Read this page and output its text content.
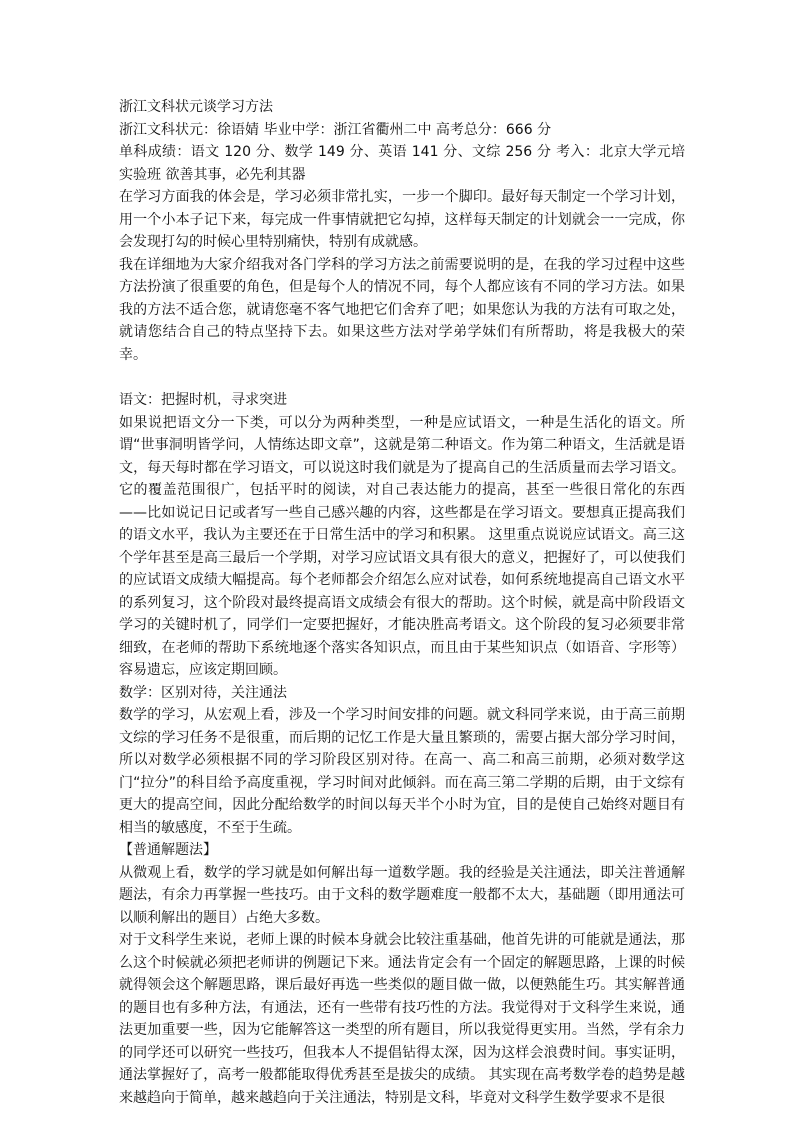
浙江文科状元谈学习方法

浙江文科状元：徐语婧 毕业中学：浙江省衢州二中 高考总分：666 分

单科成绩：语文 120 分、数学 149 分、英语 141 分、文综 256 分 考入：北京大学元培实验班 欲善其事，必先利其器

在学习方面我的体会是，学习必须非常扎实，一步一个脚印。最好每天制定一个学习计划，用一个小本子记下来，每完成一件事情就把它勾掉，这样每天制定的计划就会一一完成，你会发现打勾的时候心里特别痛快，特别有成就感。

我在详细地为大家介绍我对各门学科的学习方法之前需要说明的是，在我的学习过程中这些方法扮演了很重要的角色，但是每个人的情况不同，每个人都应该有不同的学习方法。如果我的方法不适合您，就请您毫不客气地把它们舍弃了吧；如果您认为我的方法有可取之处，就请您结合自己的特点坚持下去。如果这些方法对学弟学妹们有所帮助，将是我极大的荣幸。

语文：把握时机，寻求突进

如果说把语文分一下类，可以分为两种类型，一种是应试语文，一种是生活化的语文。所谓“世事洞明皆学问，人情练达即文章”，这就是第二种语文。作为第二种语文，生活就是语文，每天每时都在学习语文，可以说这时我们就是为了提高自己的生活质量而去学习语文。它的覆盖范围很广，包括平时的阅读，对自己表达能力的提高，甚至一些很日常化的东西——比如说记日记或者写一些自己感兴趣的内容，这些都是在学习语文。要想真正提高我们的语文水平，我认为主要还在于日常生活中的学习和积累。 这里重点说说应试语文。高三这个学年甚至是高三最后一个学期，对学习应试语文具有很大的意义，把握好了，可以使我们的应试语文成绩大幅提高。每个老师都会介绍怎么应对试卷，如何系统地提高自己语文水平的系列复习，这个阶段对最终提高语文成绩会有很大的帮助。这个时候，就是高中阶段语文学习的关键时机了，同学们一定要把握好，才能决胜高考语文。这个阶段的复习必须要非常细致，在老师的帮助下系统地逐个落实各知识点，而且由于某些知识点（如语音、字形等）容易遗忘，应该定期回顾。

数学：区别对待，关注通法

数学的学习，从宏观上看，涉及一个学习时间安排的问题。就文科同学来说，由于高三前期文综的学习任务不是很重，而后期的记忆工作是大量且繁琐的，需要占据大部分学习时间，所以对数学必须根据不同的学习阶段区别对待。在高一、高二和高三前期，必须对数学这门“拉分”的科目给予高度重视，学习时间对此倾斜。而在高三第二学期的后期，由于文综有更大的提高空间，因此分配给数学的时间以每天半个小时为宜，目的是使自己始终对题目有相当的敏感度，不至于生疏。

【普通解题法】

从微观上看，数学的学习就是如何解出每一道数学题。我的经验是关注通法，即关注普通解题法，有余力再掌握一些技巧。由于文科的数学题难度一般都不太大，基础题（即用通法可以顺利解出的题目）占绝大多数。

对于文科学生来说，老师上课的时候本身就会比较注重基础，他首先讲的可能就是通法，那么这个时候就必须把老师讲的例题记下来。通法肯定会有一个固定的解题思路，上课的时候就得领会这个解题思路，课后最好再选一些类似的题目做一做，以便熟能生巧。其实解普通的题目也有多种方法，有通法，还有一些带有技巧性的方法。我觉得对于文科学生来说，通法更加重要一些，因为它能解答这一类型的所有题目，所以我觉得更实用。当然，学有余力的同学还可以研究一些技巧，但我本人不提倡钻得太深，因为这样会浪费时间。事实证明，通法掌握好了，高考一般都能取得优秀甚至是拔尖的成绩。 其实现在高考数学卷的趋势是越来越趋向于简单，越来越趋向于关注通法，特别是文科，毕竟对文科学生数学要求不是很
